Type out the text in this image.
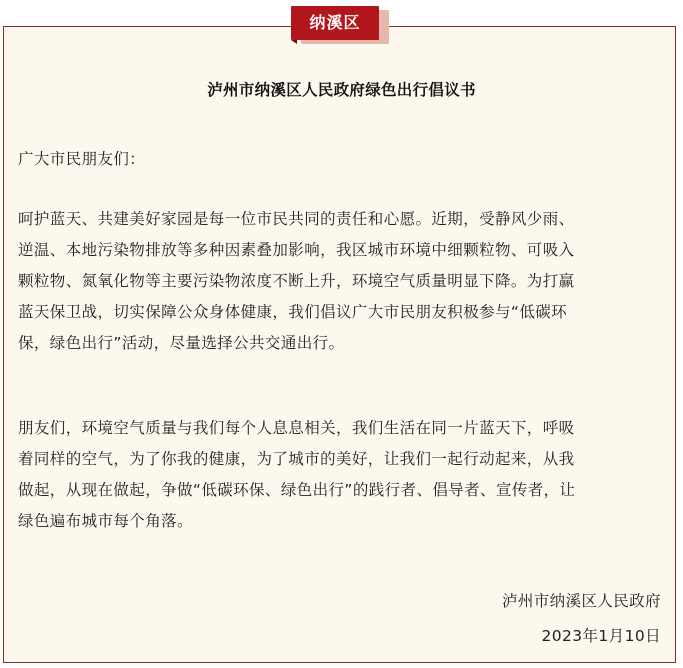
纳溪区
泸州市纳溪区人民政府绿色出行倡议书
广大市民朋友们：
呵护蓝天、共建美好家园是每一位市民共同的责任和心愿。近期，受静风少雨、
逆温、本地污染物排放等多种因素叠加影响，我区城市环境中细颗粒物、可吸入
颗粒物、氮氧化物等主要污染物浓度不断上升，环境空气质量明显下降。为打赢
蓝天保卫战，切实保障公众身体健康，我们倡议广大市民朋友积极参与“低碳环
保，绿色出行”活动，尽量选择公共交通出行。
朋友们，环境空气质量与我们每个人息息相关，我们生活在同一片蓝天下，呼吸
着同样的空气，为了你我的健康，为了城市的美好，让我们一起行动起来，从我
做起，从现在做起，争做“低碳环保、绿色出行”的践行者、倡导者、宣传者，让
绿色遍布城市每个角落。
泸州市纳溪区人民政府
2023年1月10日
